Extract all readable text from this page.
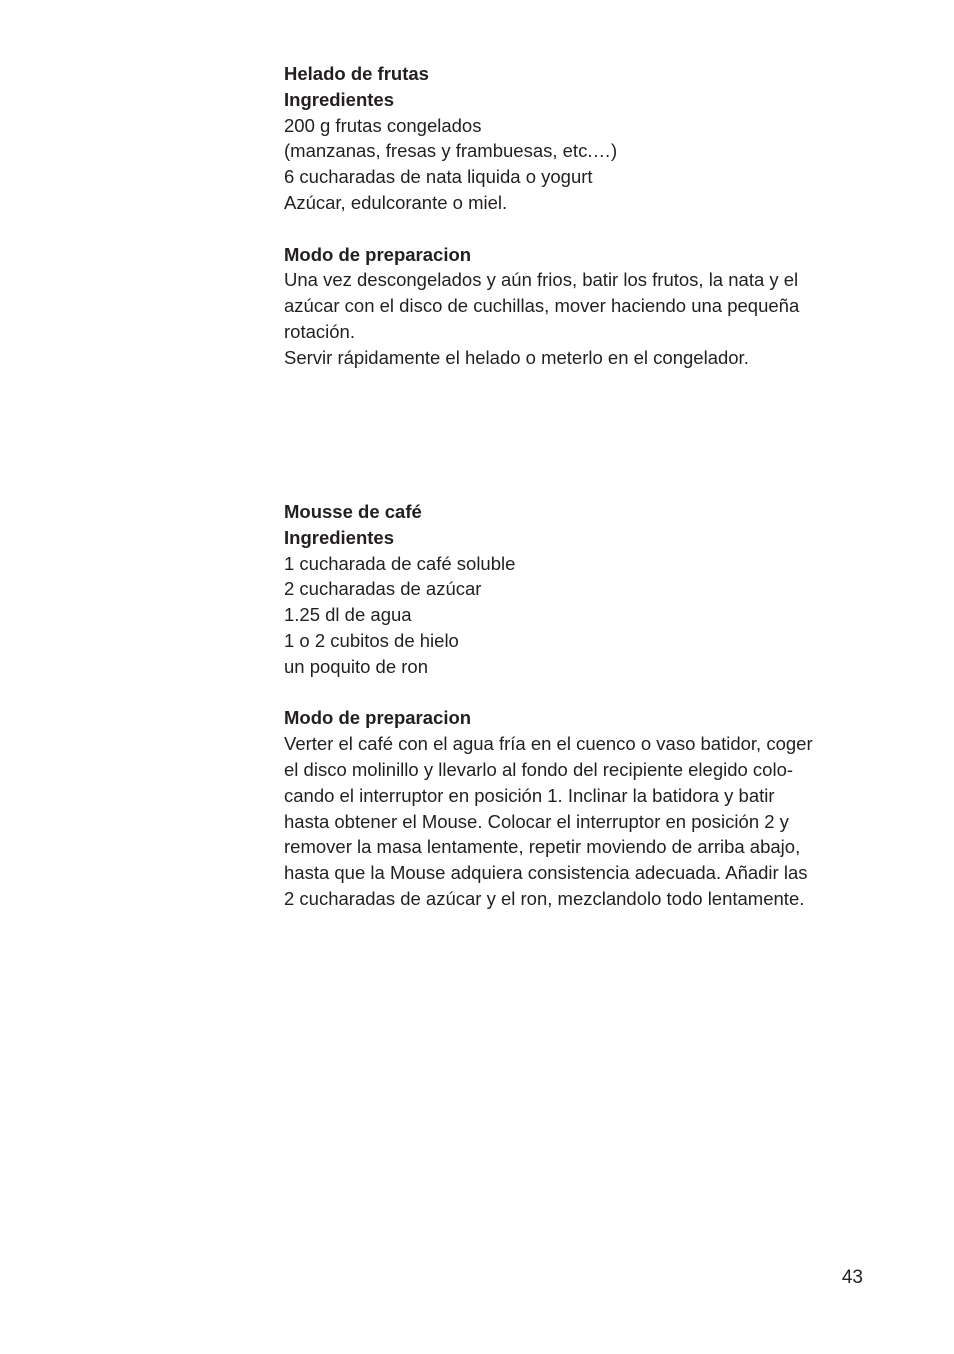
Helado de frutas
Ingredientes
200 g frutas congelados
(manzanas, fresas y frambuesas, etc.…)
6 cucharadas de nata liquida o yogurt
Azúcar, edulcorante o miel.
Modo de preparacion
Una vez descongelados y aún frios, batir los frutos, la nata y el
azúcar con el disco de cuchillas, mover haciendo una pequeña
rotación.
Servir rápidamente el helado o meterlo en el congelador.
Mousse de café
Ingredientes
1 cucharada de café soluble
2 cucharadas de azúcar
1.25 dl de agua
1 o 2 cubitos de hielo
un poquito de ron
Modo de preparacion
Verter el café con el agua fría en el cuenco o vaso batidor, coger
el disco molinillo y llevarlo al fondo del recipiente elegido colo-
cando el interruptor en posición 1. Inclinar la batidora y batir
hasta obtener el Mouse. Colocar el interruptor en posición 2 y
remover la masa lentamente, repetir moviendo de arriba abajo,
hasta que la Mouse adquiera consistencia adecuada. Añadir las
2 cucharadas de azúcar y el ron, mezclandolo todo lentamente.
43
